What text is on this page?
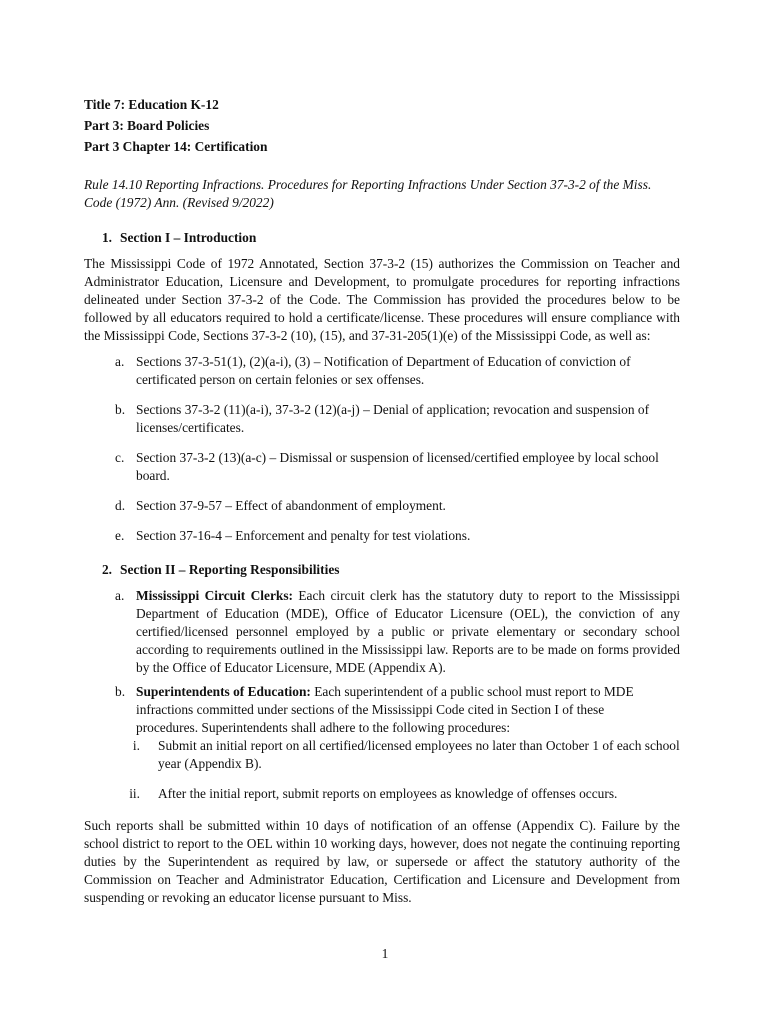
Title 7: Education K-12
Part 3: Board Policies
Part 3 Chapter 14: Certification
Rule 14.10 Reporting Infractions. Procedures for Reporting Infractions Under Section 37-3-2 of the Miss. Code (1972) Ann. (Revised 9/2022)
1. Section I – Introduction

The Mississippi Code of 1972 Annotated, Section 37-3-2 (15) authorizes the Commission on Teacher and Administrator Education, Licensure and Development, to promulgate procedures for reporting infractions delineated under Section 37-3-2 of the Code. The Commission has provided the procedures below to be followed by all educators required to hold a certificate/license. These procedures will ensure compliance with the Mississippi Code, Sections 37-3-2 (10), (15), and 37-31-205(1)(e) of the Mississippi Code, as well as:

a. Sections 37-3-51(1), (2)(a-i), (3) – Notification of Department of Education of conviction of certificated person on certain felonies or sex offenses.
b. Sections 37-3-2 (11)(a-i), 37-3-2 (12)(a-j) – Denial of application; revocation and suspension of licenses/certificates.
c. Section 37-3-2 (13)(a-c) – Dismissal or suspension of licensed/certified employee by local school board.
d. Section 37-9-57 – Effect of abandonment of employment.
e. Section 37-16-4 – Enforcement and penalty for test violations.
2. Section II – Reporting Responsibilities
a. Mississippi Circuit Clerks: Each circuit clerk has the statutory duty to report to the Mississippi Department of Education (MDE), Office of Educator Licensure (OEL), the conviction of any certified/licensed personnel employed by a public or private elementary or secondary school according to requirements outlined in the Mississippi law. Reports are to be made on forms provided by the Office of Educator Licensure, MDE (Appendix A).
b. Superintendents of Education: Each superintendent of a public school must report to MDE infractions committed under sections of the Mississippi Code cited in Section I of these procedures. Superintendents shall adhere to the following procedures:
i.	Submit an initial report on all certified/licensed employees no later than October 1 of each school year (Appendix B).
ii.	After the initial report, submit reports on employees as knowledge of offenses occurs.

Such reports shall be submitted within 10 days of notification of an offense (Appendix C). Failure by the school district to report to the OEL within 10 working days, however, does not negate the continuing reporting duties by the Superintendent as required by law, or supersede or affect the statutory authority of the Commission on Teacher and Administrator Education, Certification and Licensure and Development from suspending or revoking an educator license pursuant to Miss.

1
